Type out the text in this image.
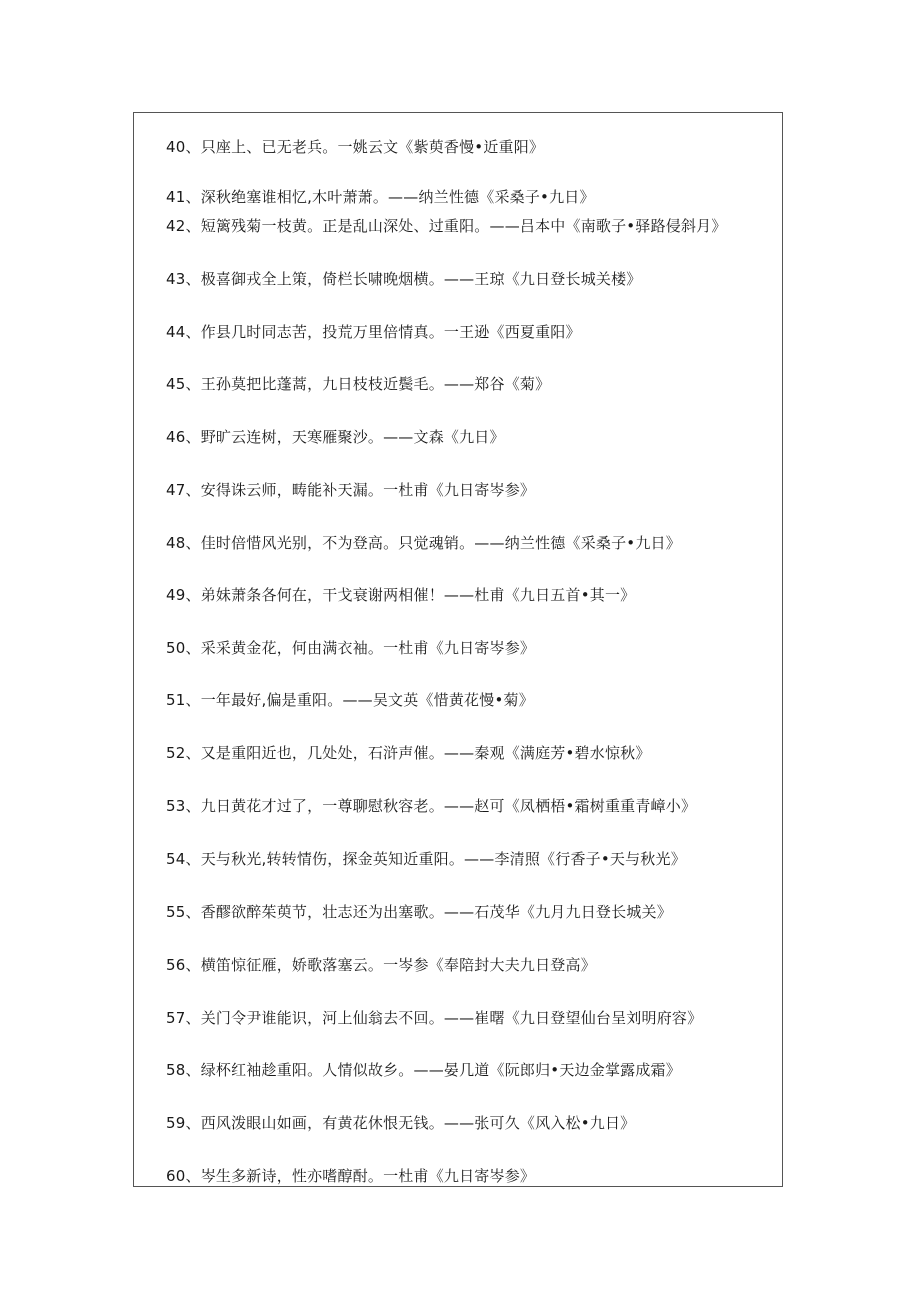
40、只座上、已无老兵。一姚云文《紫萸香慢•近重阳》
41、深秋绝塞谁相忆,木叶萧萧。——纳兰性德《采桑子•九日》
42、短篱残菊一枝黄。正是乱山深处、过重阳。——吕本中《南歌子•驿路侵斜月》
43、极喜御戎全上策，倚栏长啸晚烟横。——王琼《九日登长城关楼》
44、作县几时同志苦，投荒万里倍情真。一王逊《西夏重阳》
45、王孙莫把比蓬蒿，九日枝枝近鬓毛。——郑谷《菊》
46、野旷云连树，天寒雁聚沙。——文森《九日》
47、安得诛云师，畴能补天漏。一杜甫《九日寄岑参》
48、佳时倍惜风光别，不为登高。只觉魂销。——纳兰性德《采桑子•九日》
49、弟妹萧条各何在，干戈衰谢两相催！——杜甫《九日五首•其一》
50、采采黄金花，何由满衣袖。一杜甫《九日寄岑参》
51、一年最好,偏是重阳。——吴文英《惜黄花慢•菊》
52、又是重阳近也，几处处，石浒声催。——秦观《满庭芳•碧水惊秋》
53、九日黄花才过了，一尊聊慰秋容老。——赵可《凤栖梧•霜树重重青嶂小》
54、天与秋光,转转情伤，探金英知近重阳。——李清照《行香子•天与秋光》
55、香醪欲醉茱萸节，壮志还为出塞歌。——石茂华《九月九日登长城关》
56、横笛惊征雁，娇歌落塞云。一岑参《奉陪封大夫九日登高》
57、关门令尹谁能识，河上仙翁去不回。——崔曙《九日登望仙台呈刘明府容》
58、绿杯红袖趁重阳。人情似故乡。——晏几道《阮郎归•天边金掌露成霜》
59、西风泼眼山如画，有黄花休恨无钱。——张可久《风入松•九日》
60、岑生多新诗，性亦嗜醇酎。一杜甫《九日寄岑参》
